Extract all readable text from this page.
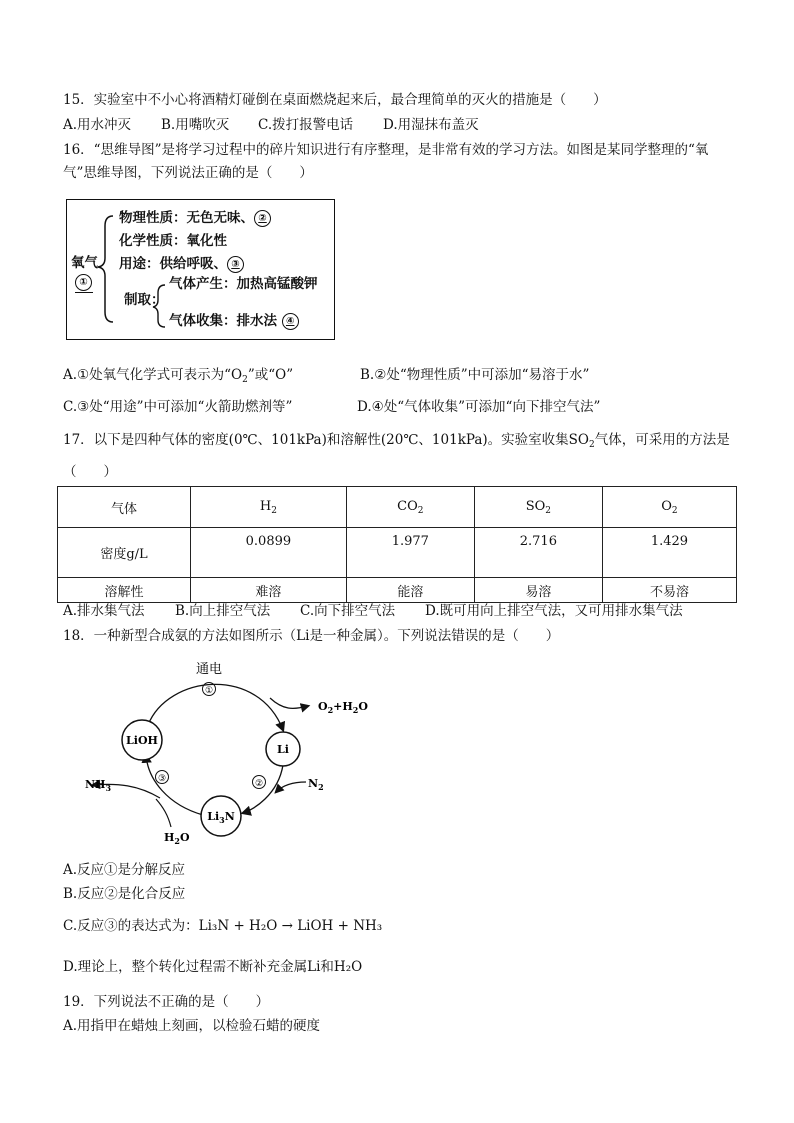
15．实验室中不小心将酒精灯碰倒在桌面燃烧起来后，最合理简单的灭火的措施是（　　）
A.用水冲灭 B.用嘴吹灭 C.拨打报警电话 D.用湿抹布盖灭
16．“思维导图”是将学习过程中的碎片知识进行有序整理，是非常有效的学习方法。如图是某同学整理的“氧
气”思维导图，下列说法正确的是（　　）
氧气
①
物理性质：无色无味、 ②
化学性质：氧化性
用途：供给呼吸、 ③
制取：
气体产生：加热高锰酸钾
气体收集：排水法 ④
A.①处氧气化学式可表示为“$O_2$”或“O”	B.②处“物理性质”中可添加“易溶于水”
C.③处“用途”中可添加“火箭助燃剂等”	D.④处“气体收集”可添加“向下排空气法”
17．以下是四种气体的密度(0℃、101kPa)和溶解性(20℃、101kPa)。实验室收集$SO_2$气体，可采用的方法是
（　　）
气体	$H_2$	$CO_2$	$SO_2$	$O_2$
密度g/L	0.0899	1.977	2.716	1.429
溶解性	难溶	能溶	易溶	不易溶
A.排水集气法 B.向上排空气法 C.向下排空气法 D.既可用向上排空气法，又可用排水集气法
18．一种新型合成氨的方法如图所示（Li是一种金属）。下列说法错误的是（　　）
LiOH
Li
$Li_3N$
通电
①
②
③
$O_2+H_2O$
$N_2$
$NH_3$
$H_2O$
A.反应①是分解反应
B.反应②是化合反应
C.反应③的表达式为：Li₃N + H₂O → LiOH + NH₃
D.理论上，整个转化过程需不断补充金属Li和H₂O
19．下列说法不正确的是（　　）
A.用指甲在蜡烛上刻画，以检验石蜡的硬度
